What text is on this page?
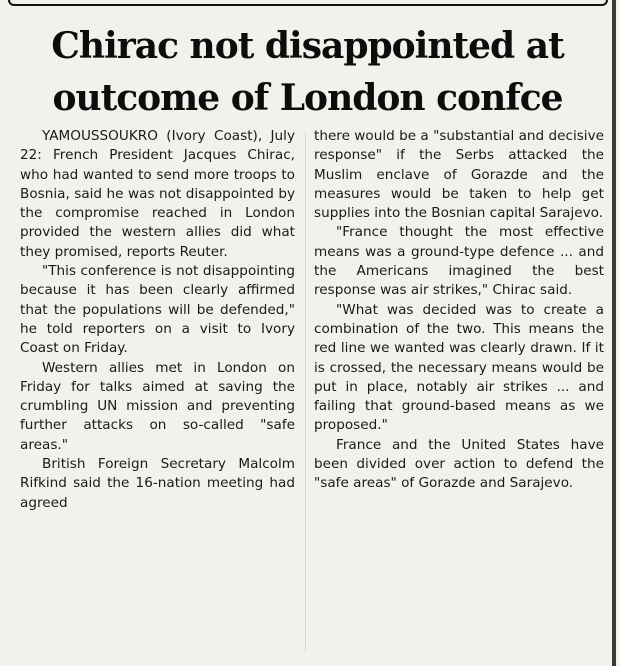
Chirac not disappointed at outcome of London confce

YAMOUSSOUKRO (Ivory Coast), July 22: French President Jacques Chirac, who had wanted to send more troops to Bosnia, said he was not disappointed by the compromise reached in London provided the western allies did what they promised, reports Reuter.

"This conference is not disappointing because it has been clearly affirmed that the populations will be defended," he told reporters on a visit to Ivory Coast on Friday.

Western allies met in London on Friday for talks aimed at saving the crumbling UN mission and preventing further attacks on so-called "safe areas."

British Foreign Secretary Malcolm Rifkind said the 16-nation meeting had agreed

there would be a "substantial and decisive response" if the Serbs attacked the Muslim enclave of Gorazde and the measures would be taken to help get supplies into the Bosnian capital Sarajevo.

"France thought the most effective means was a ground-type defence ... and the Americans imagined the best response was air strikes," Chirac said.

"What was decided was to create a combination of the two. This means the red line we wanted was clearly drawn. If it is crossed, the necessary means would be put in place, notably air strikes ... and failing that ground-based means as we proposed."

France and the United States have been divided over action to defend the "safe areas" of Gorazde and Sarajevo.
